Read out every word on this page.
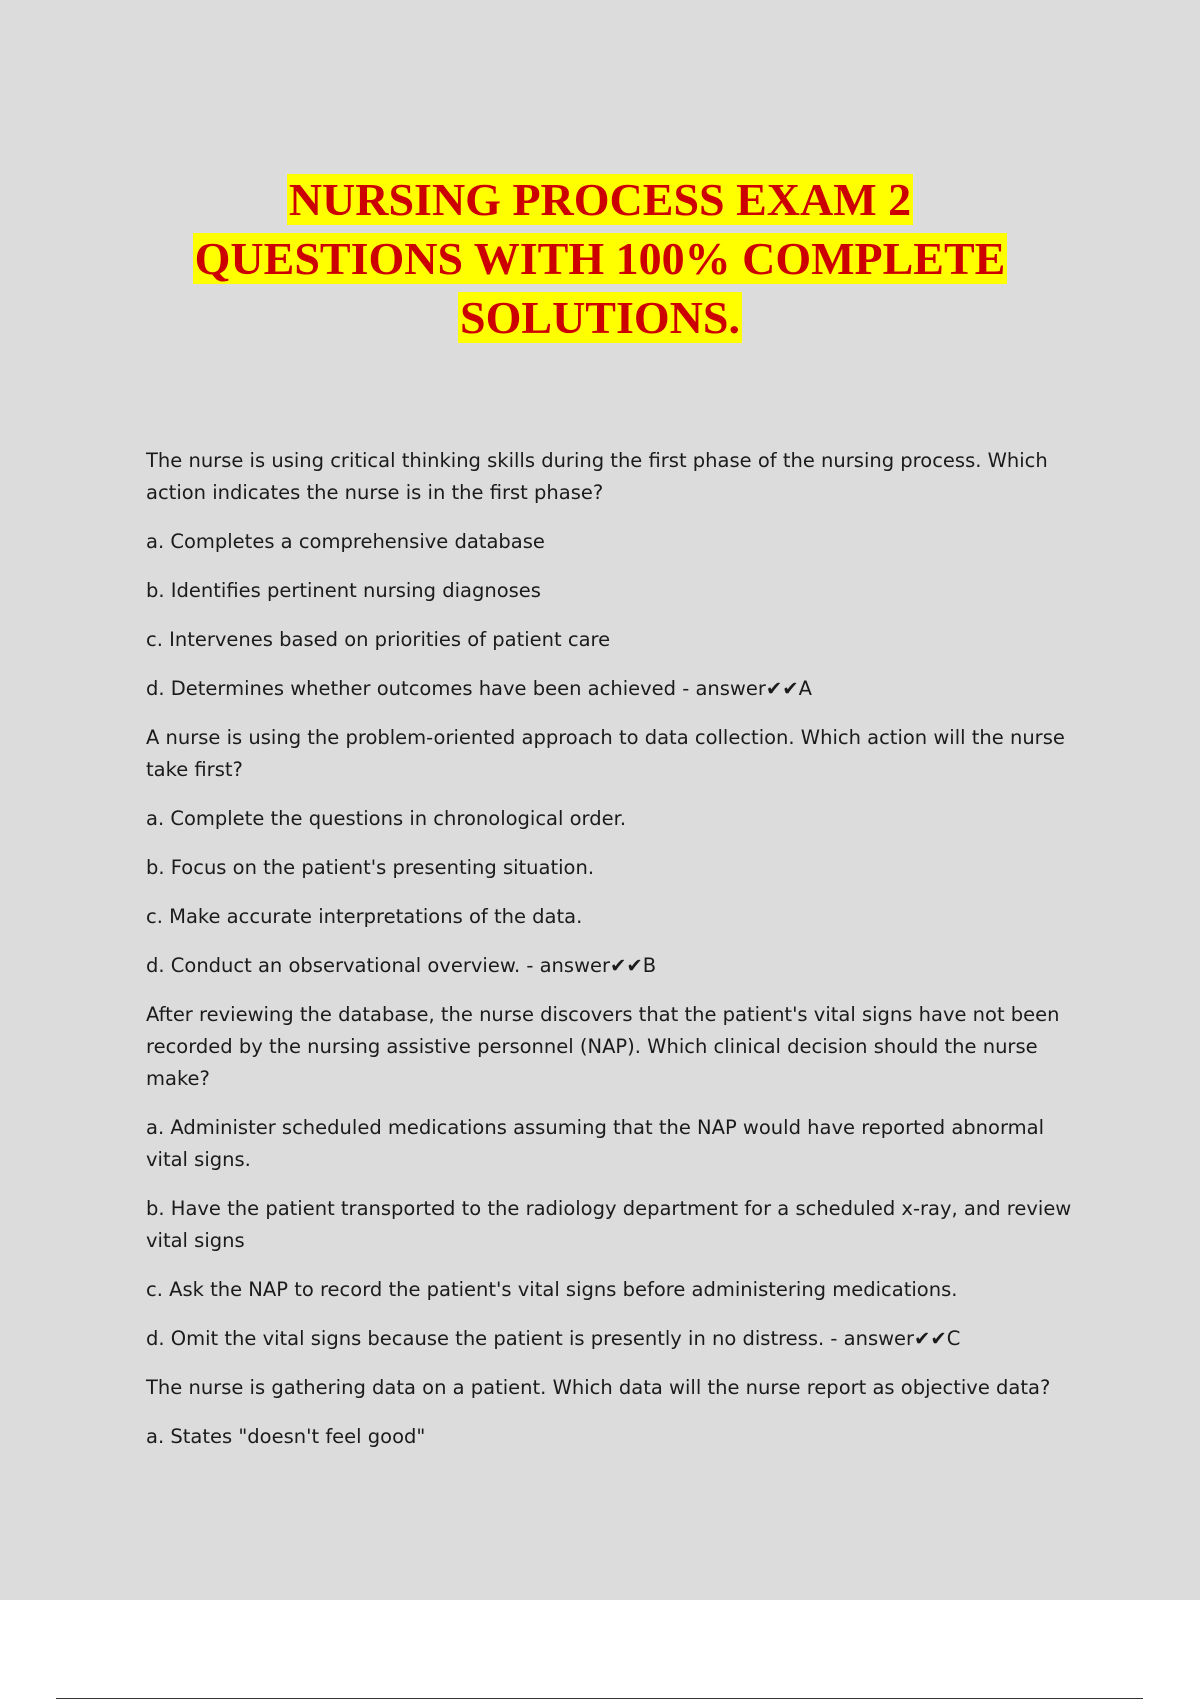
NURSING PROCESS EXAM 2
QUESTIONS WITH 100% COMPLETE
SOLUTIONS.

The nurse is using critical thinking skills during the first phase of the nursing process. Which action indicates the nurse is in the first phase?

a. Completes a comprehensive database

b. Identifies pertinent nursing diagnoses

c. Intervenes based on priorities of patient care

d. Determines whether outcomes have been achieved - answer✔✔A

A nurse is using the problem-oriented approach to data collection. Which action will the nurse take first?

a. Complete the questions in chronological order.

b. Focus on the patient's presenting situation.

c. Make accurate interpretations of the data.

d. Conduct an observational overview. - answer✔✔B

After reviewing the database, the nurse discovers that the patient's vital signs have not been recorded by the nursing assistive personnel (NAP). Which clinical decision should the nurse make?

a. Administer scheduled medications assuming that the NAP would have reported abnormal vital signs.

b. Have the patient transported to the radiology department for a scheduled x-ray, and review vital signs

c. Ask the NAP to record the patient's vital signs before administering medications.

d. Omit the vital signs because the patient is presently in no distress. - answer✔✔C

The nurse is gathering data on a patient. Which data will the nurse report as objective data?

a. States "doesn't feel good"
